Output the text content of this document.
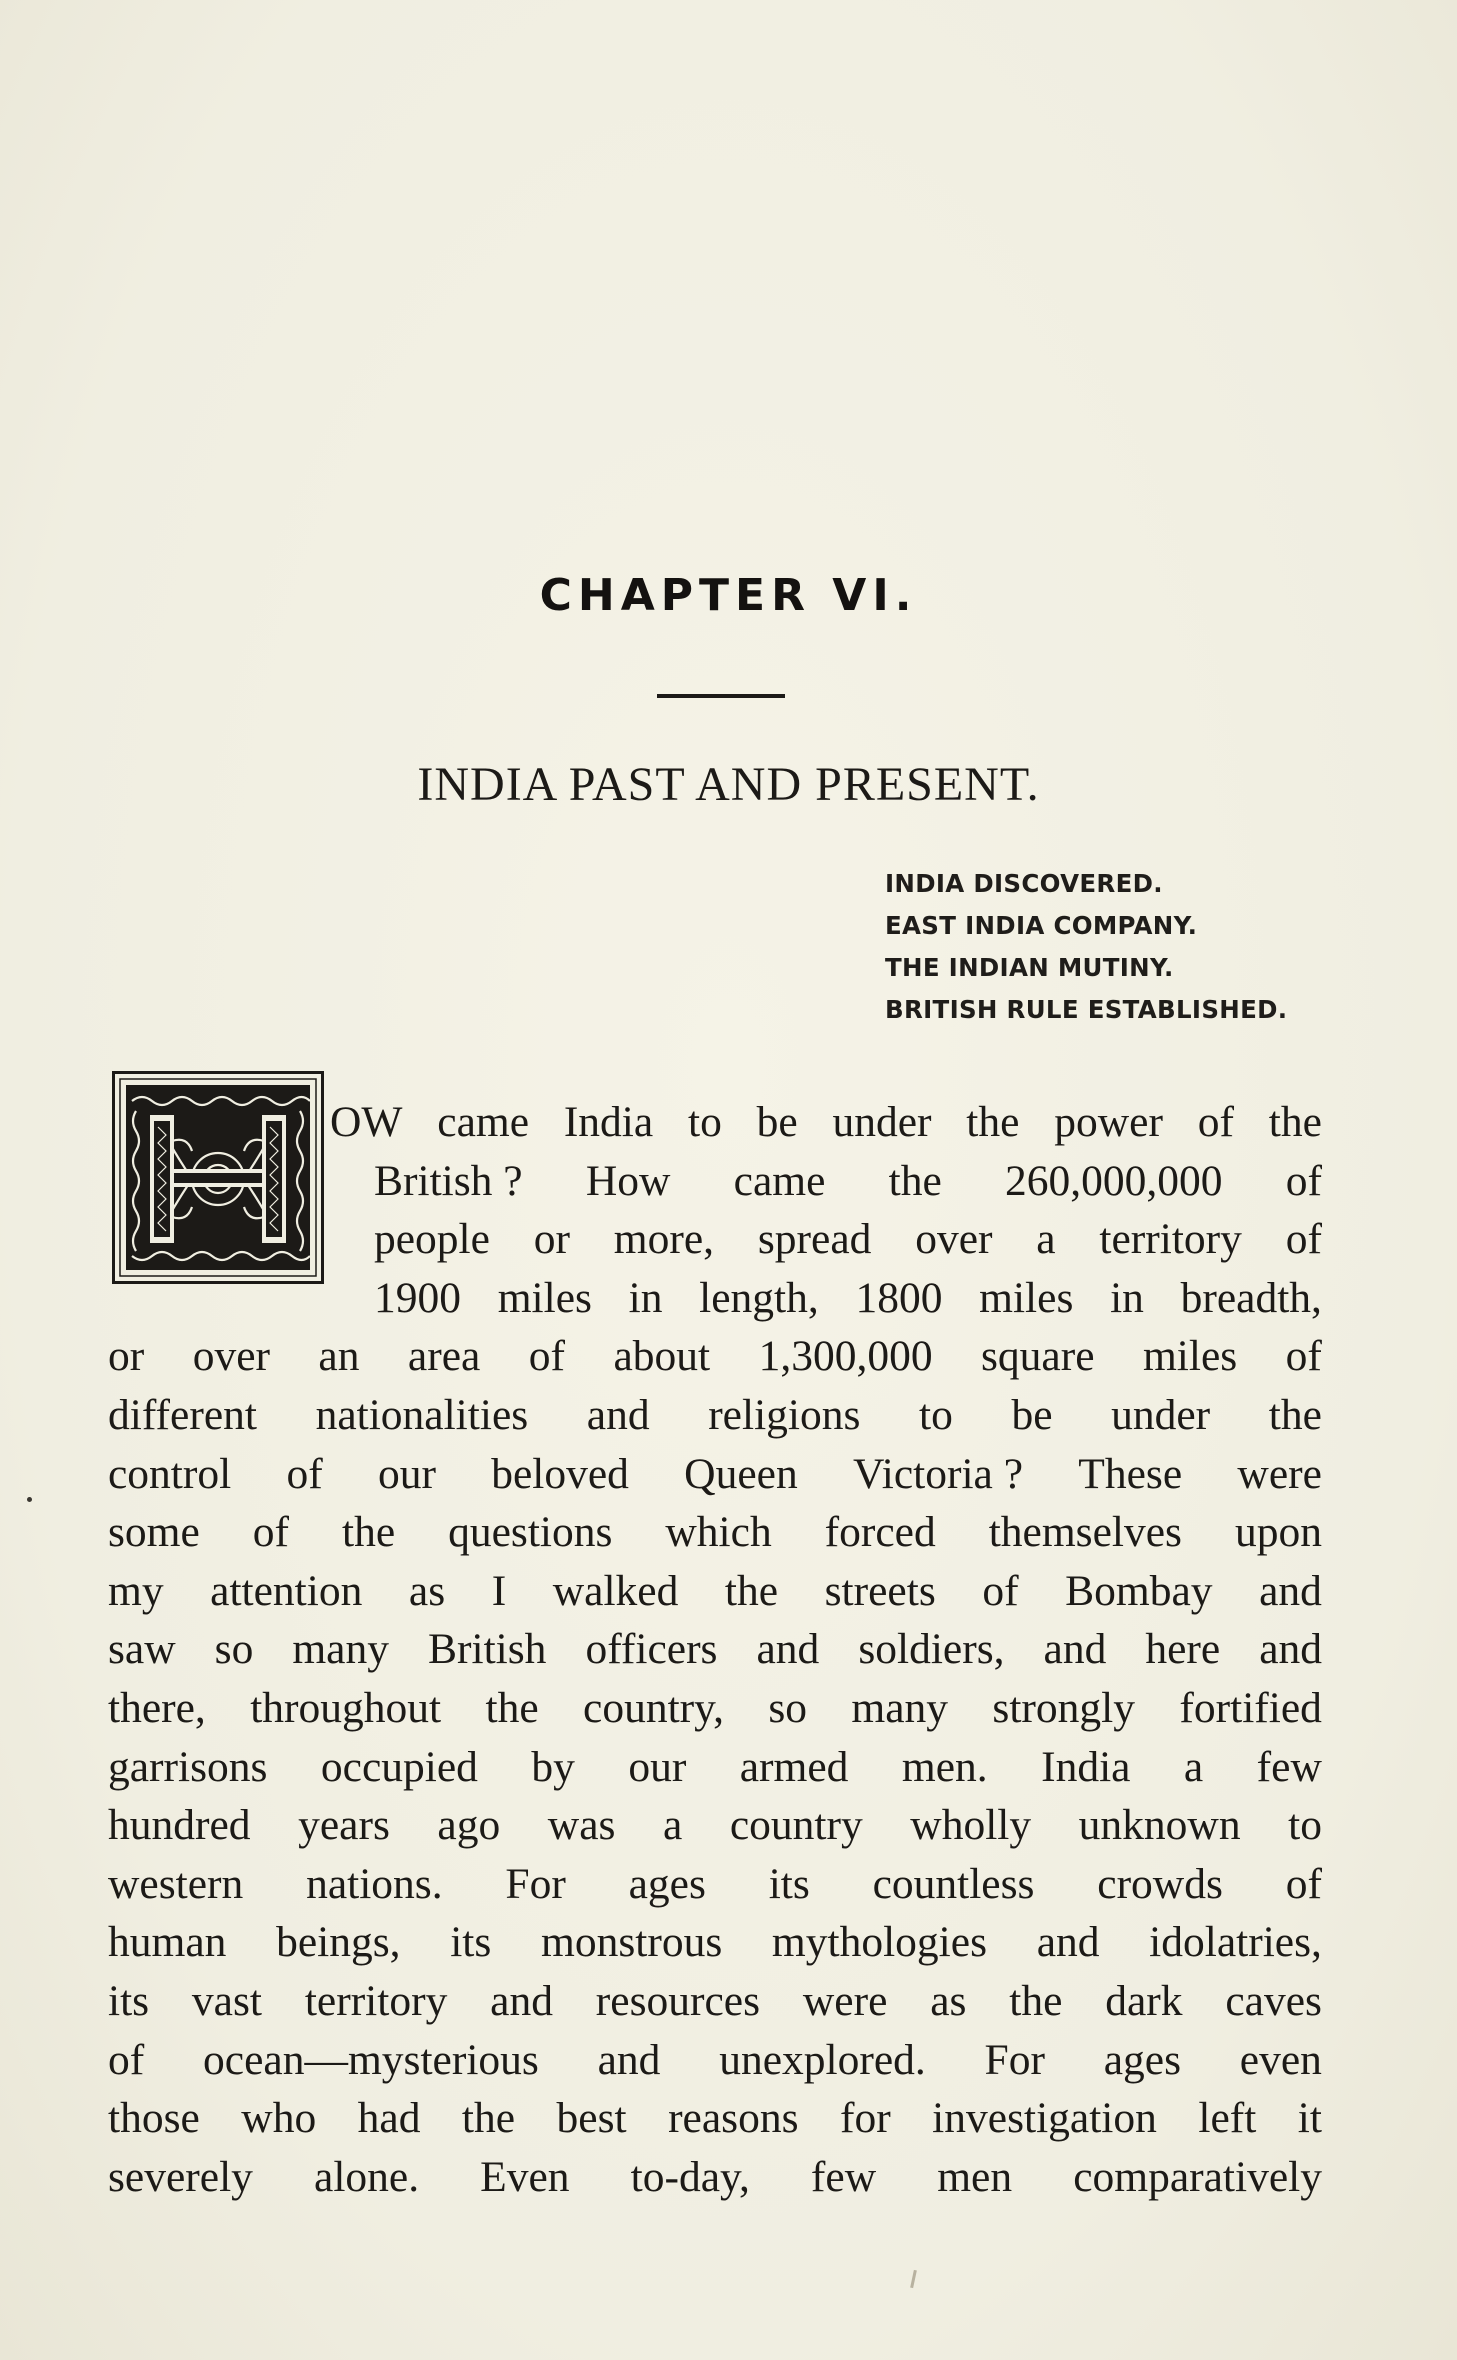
CHAPTER VI.
INDIA PAST AND PRESENT.
INDIA DISCOVERED.
EAST INDIA COMPANY.
THE INDIAN MUTINY.
BRITISH RULE ESTABLISHED.
OW came India to be under the power of the
British ? How came the 260,000,000 of
people or more, spread over a territory of
1900 miles in length, 1800 miles in breadth,
or over an area of about 1,300,000 square miles of
different nationalities and religions to be under the
control of our beloved Queen Victoria ? These were
some of the questions which forced themselves upon
my attention as I walked the streets of Bombay and
saw so many British officers and soldiers, and here and
there, throughout the country, so many strongly fortified
garrisons occupied by our armed men. India a few
hundred years ago was a country wholly unknown to
western nations. For ages its countless crowds of
human beings, its monstrous mythologies and idolatries,
its vast territory and resources were as the dark caves
of ocean—mysterious and unexplored. For ages even
those who had the best reasons for investigation left it
severely alone. Even to-day, few men comparatively
